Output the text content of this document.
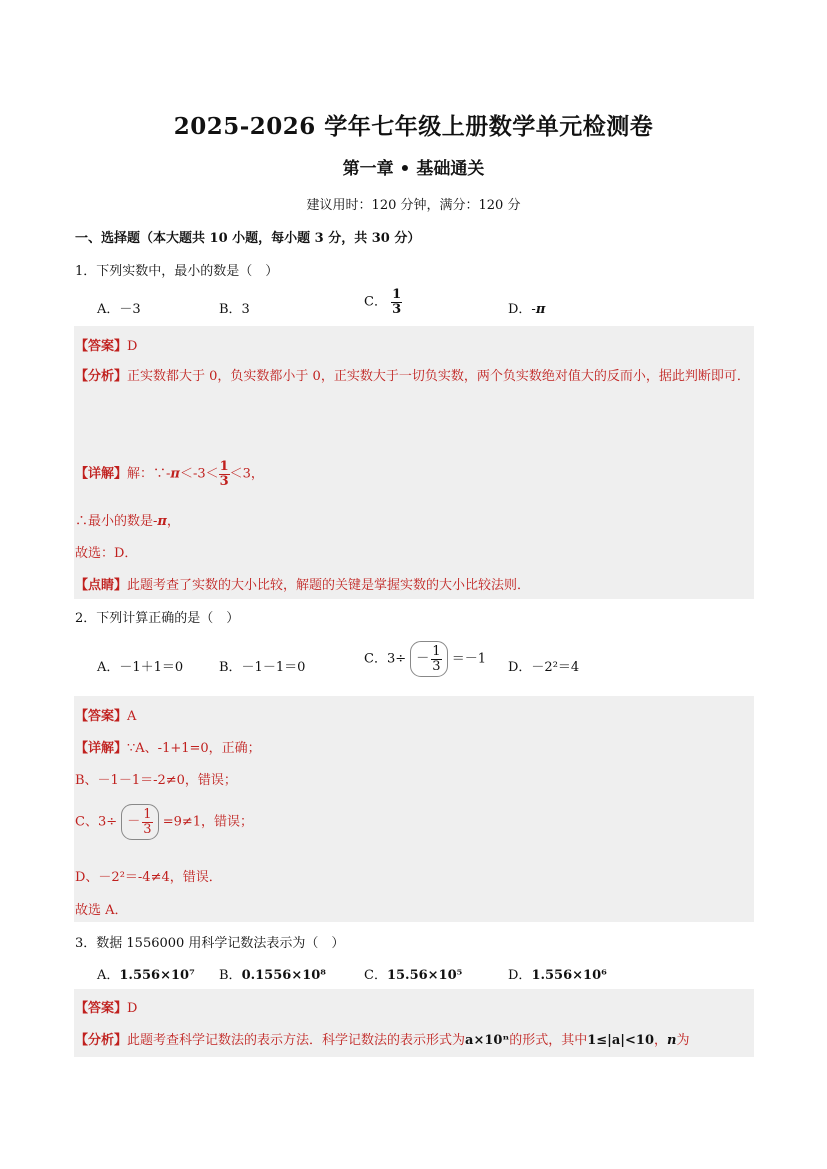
2025-2026 学年七年级上册数学单元检测卷
第一章 • 基础通关
建议用时：120 分钟，满分：120 分
一、选择题（本大题共 10 小题，每小题 3 分，共 30 分）
1．下列实数中，最小的数是（　）
A．－3	B．3	C． $\frac{1}{3}$	D．-π
【答案】D
【分析】正实数都大于 0，负实数都小于 0，正实数大于一切负实数，两个负实数绝对值大的反而小，据此判断即可．
【详解】解：∵-π＜-3＜ $\frac{1}{3} <3$，
∴最小的数是-π，
故选：D．
【点睛】此题考查了实数的大小比较，解题的关键是掌握实数的大小比较法则．
2．下列计算正确的是（　）
A．－1＋1＝0	B．－1－1＝0
C．$3\div - \frac{1}{3} =-1$
D．－2²＝4
【答案】A
【详解】∵A、-1+1=0，正确；
B、－1－1＝-2≠0，错误；
C、$3\div - \frac{1}{3} =9\ne 1$，错误；
D、－2²＝-4≠4，错误．
故选 A．
3．数据 1556000 用科学记数法表示为（　）
A．1.556×10⁷ B．0.1556×10⁸	C．15.56×10⁵	D．1.556×10⁶
【答案】D
【分析】此题考查科学记数法的表示方法．科学记数法的表示形式为a×10ⁿ的形式，其中1≤|a|<10，n为
